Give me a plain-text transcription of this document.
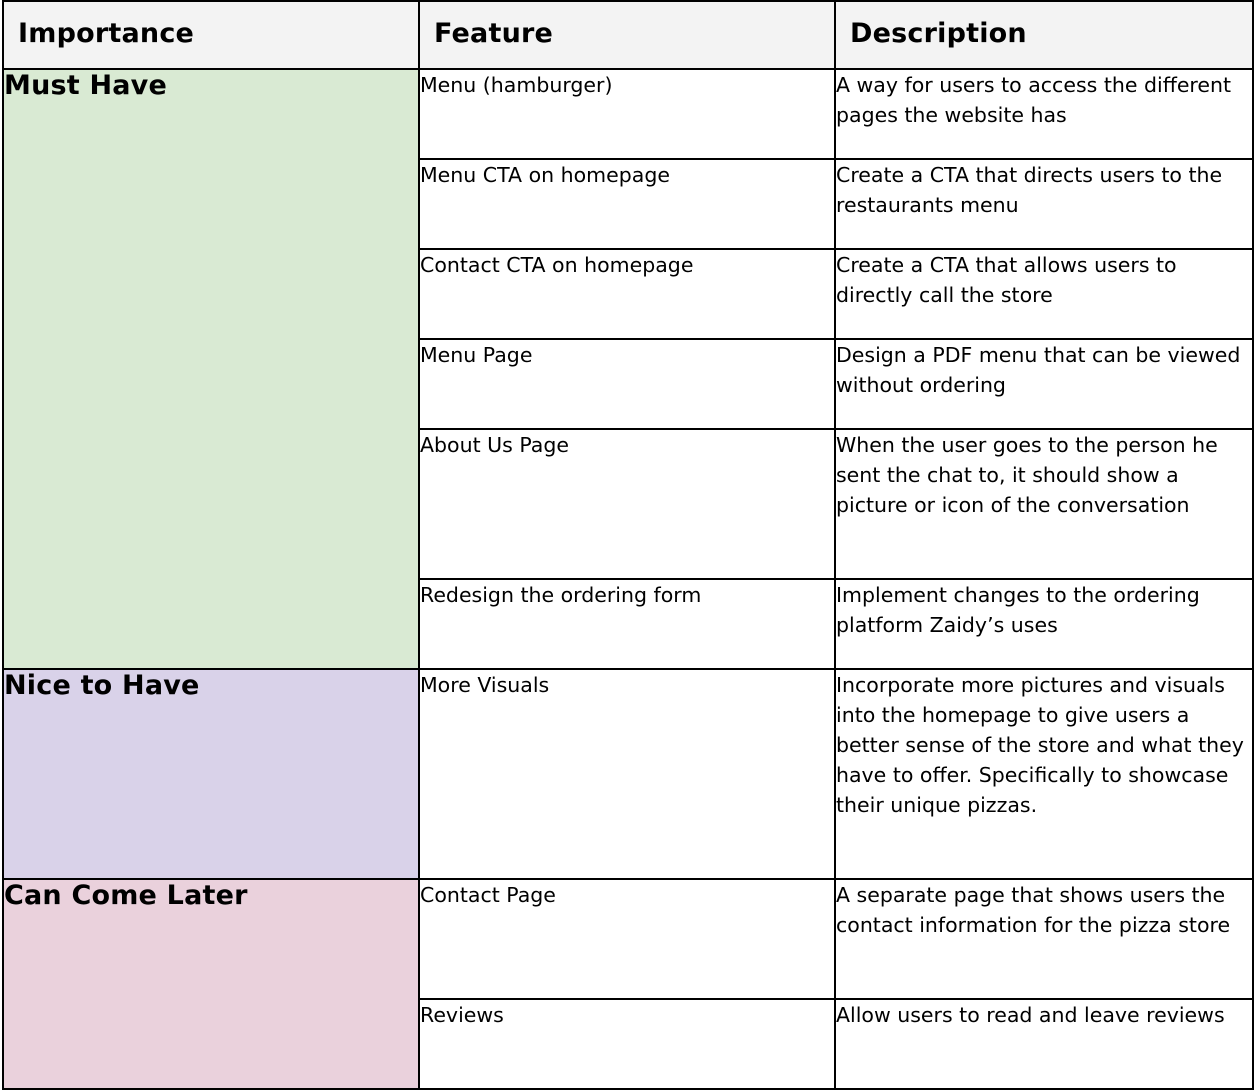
Importance	Feature	Description
Must Have	Menu (hamburger)	A way for users to access the different pages the website has
	Menu CTA on homepage	Create a CTA that directs users to the restaurants menu
	Contact CTA on homepage	Create a CTA that allows users to directly call the store
	Menu Page	Design a PDF menu that can be viewed without ordering
	About Us Page	When the user goes to the person he sent the chat to, it should show a picture or icon of the conversation
	Redesign the ordering form	Implement changes to the ordering platform Zaidy’s uses
Nice to Have	More Visuals	Incorporate more pictures and visuals into the homepage to give users a better sense of the store and what they have to offer. Specifically to showcase their unique pizzas.
Can Come Later	Contact Page	A separate page that shows users the contact information for the pizza store
	Reviews	Allow users to read and leave reviews
